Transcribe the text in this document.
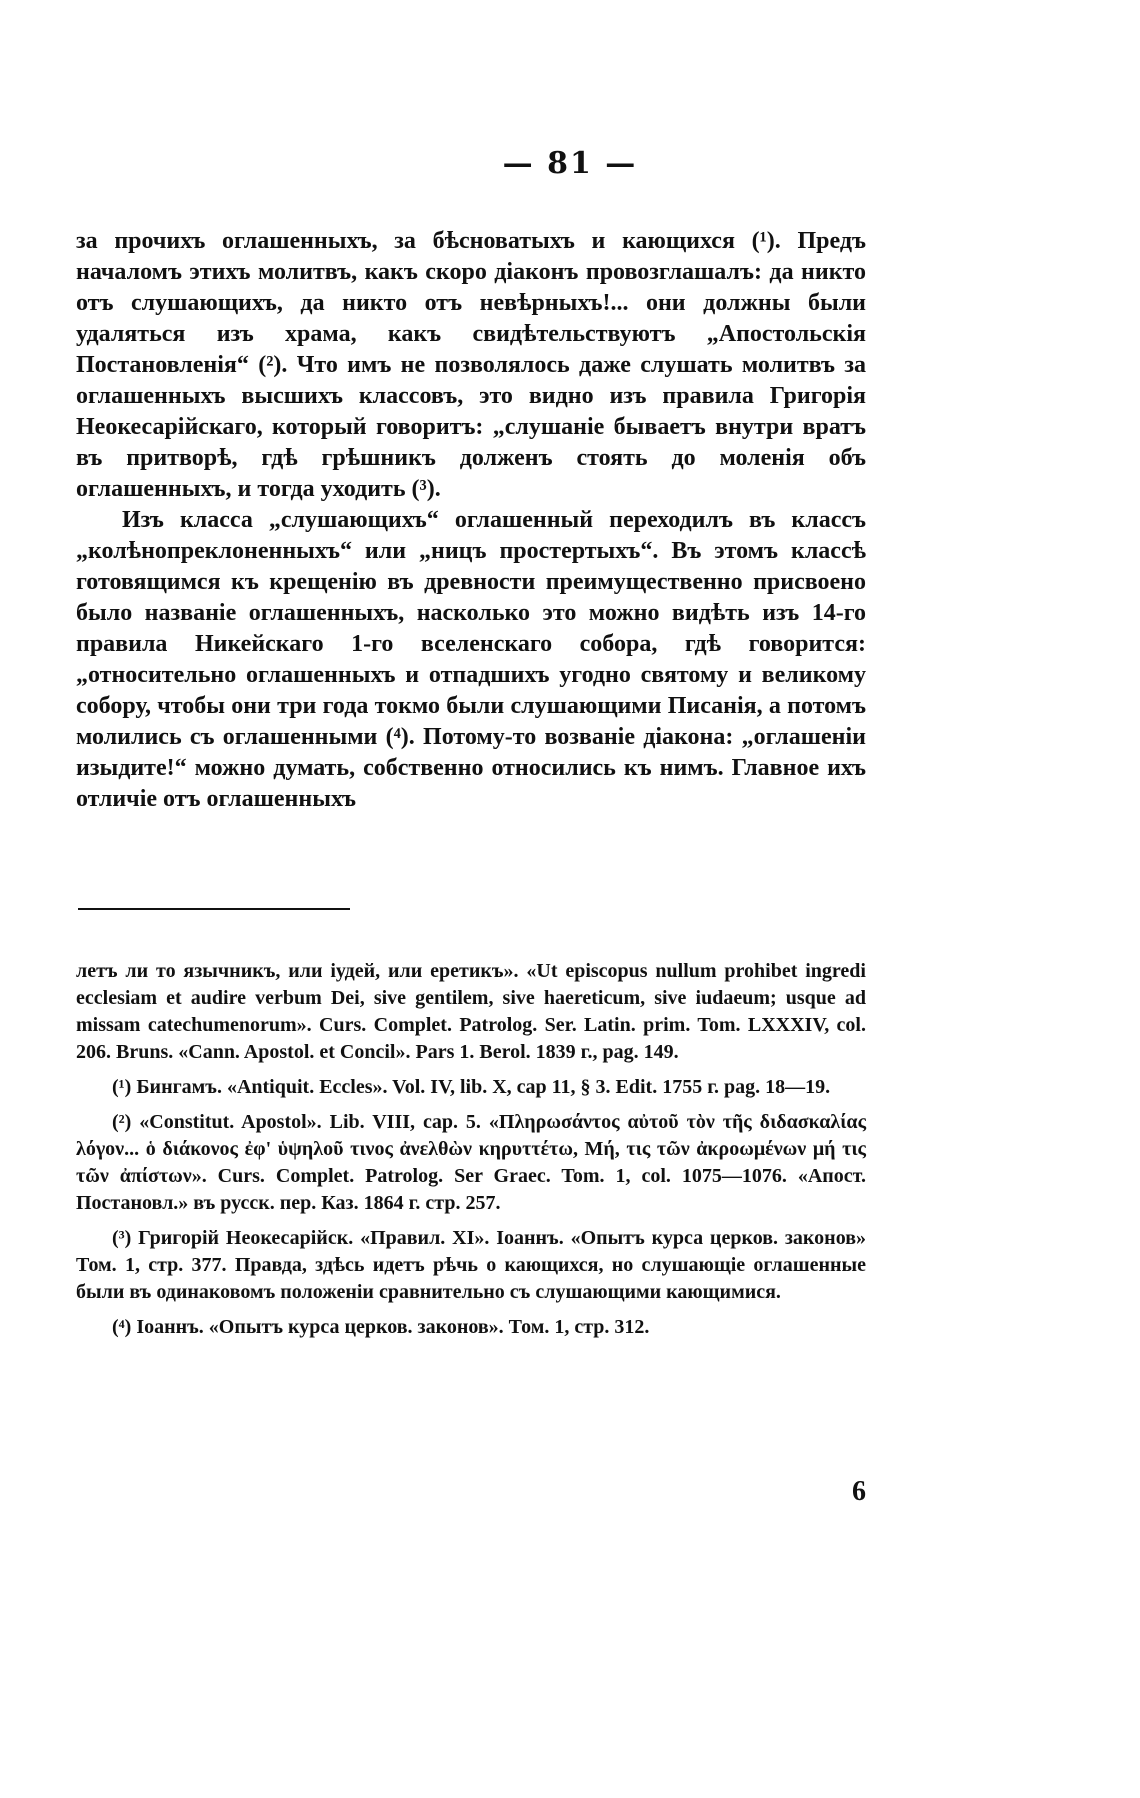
— 81 —

за прочихъ оглашенныхъ, за бѣсноватыхъ и кающихся (¹). Предъ началомъ этихъ молитвъ, какъ скоро діаконъ провозглашалъ: да никто отъ слушающихъ, да никто отъ невѣрныхъ!... они должны были удаляться изъ храма, какъ свидѣтельствуютъ „Апостольскія Постановленія“ (²). Что имъ не позволялось даже слушать молитвъ за оглашенныхъ высшихъ классовъ, это видно изъ правила Григорія Неокесарійскаго, который говоритъ: „слушаніе бываетъ внутри вратъ въ притворѣ, гдѣ грѣшникъ долженъ стоять до моленія объ оглашенныхъ, и тогда уходить (³).

Изъ класса „слушающихъ“ оглашенный переходилъ въ классъ „колѣнопреклоненныхъ“ или „ницъ простертыхъ“. Въ этомъ классѣ готовящимся къ крещенію въ древности преимущественно присвоено было названіе оглашенныхъ, насколько это можно видѣть изъ 14-го правила Никейскаго 1-го вселенскаго собора, гдѣ говорится: „относительно оглашенныхъ и отпадшихъ угодно святому и великому собору, чтобы они три года токмо были слушающими Писанія, а потомъ молились съ оглашенными (⁴). Потому-то возваніе діакона: „оглашеніи изыдите!“ можно думать, собственно относились къ нимъ. Главное ихъ отличіе отъ оглашенныхъ

летъ ли то язычникъ, или іудей, или еретикъ». «Ut episcopus nullum prohibet ingredi ecclesiam et audire verbum Dei, sive gentilem, sive haereticum, sive iudaeum; usque ad missam catechumenorum». Curs. Complet. Patrolog. Ser. Latin. prim. Tom. LXXXIV, col. 206. Bruns. «Cann. Apostol. et Concil». Pars 1. Berol. 1839 г., pag. 149.

(¹) Бингамъ. «Antiquit. Eccles». Vol. IV, lib. X, cap 11, § 3. Edit. 1755 г. pag. 18—19.

(²) «Constitut. Apostol». Lib. VIII, cap. 5. «Πληρωσάντος αὐτοῦ τὸν τῆς διδασκαλίας λόγον... ὁ διάκονος ἐφ' ὑψηλοῦ τινος ἀνελθὼν κηρυττέτω, Μή, τις τῶν ἀκροωμένων μή τις τῶν ἀπίστων». Curs. Complet. Patrolog. Ser Graec. Tom. 1, col. 1075—1076. «Апост. Постановл.» въ русск. пер. Каз. 1864 г. стр. 257.

(³) Григорій Неокесарійск. «Правил. XI». Іоаннъ. «Опытъ курса церков. законов» Том. 1, стр. 377. Правда, здѣсь идетъ рѣчь о кающихся, но слушающіе оглашенные были въ одинаковомъ положеніи сравнительно съ слушающими кающимися.

(⁴) Іоаннъ. «Опытъ курса церков. законов». Том. 1, стр. 312.

6
